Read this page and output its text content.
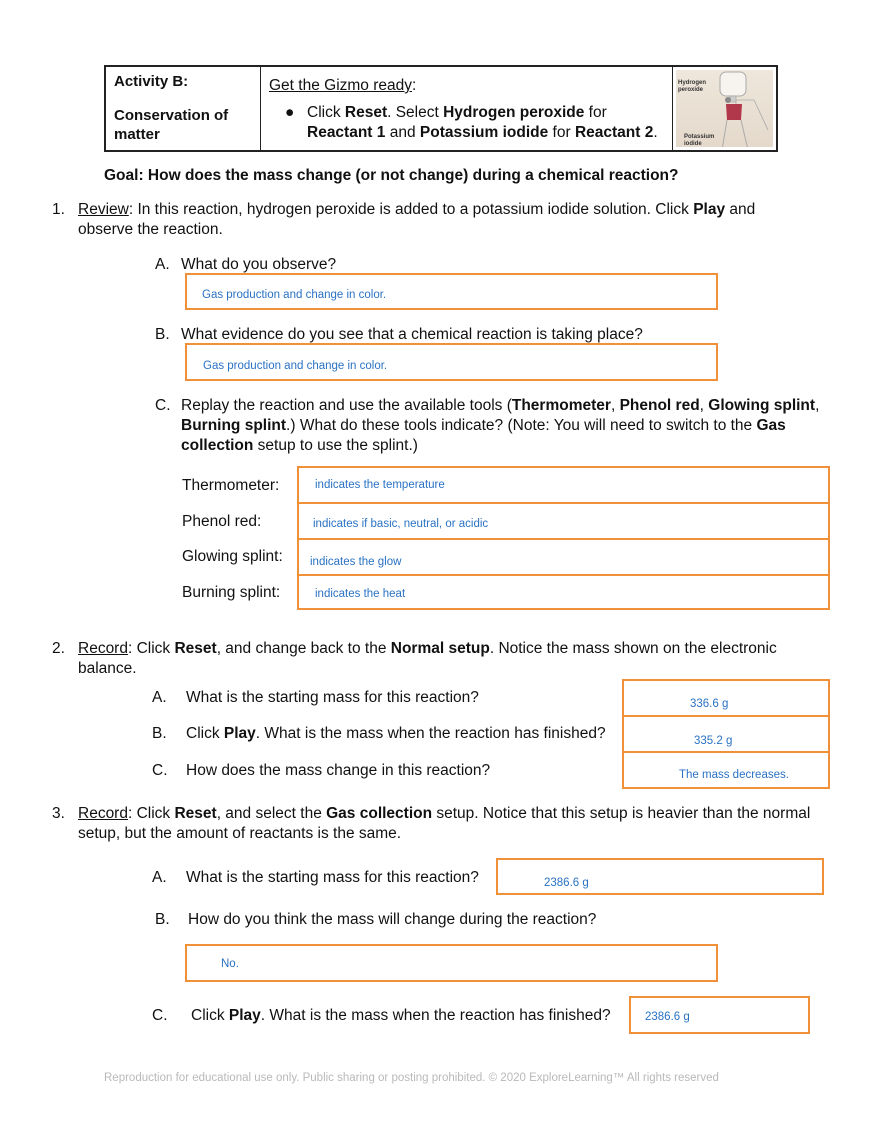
Activity B:
Conservation of matter
Get the Gizmo ready:
● Click Reset. Select Hydrogen peroxide for
Reactant 1 and Potassium iodide for Reactant 2.
Hydrogen peroxide
Potassium iodide
Goal: How does the mass change (or not change) during a chemical reaction?
1. Review: In this reaction, hydrogen peroxide is added to a potassium iodide solution. Click Play and observe the reaction.
A. What do you observe?
Gas production and change in color.
B. What evidence do you see that a chemical reaction is taking place?
Gas production and change in color.
C. Replay the reaction and use the available tools (Thermometer, Phenol red, Glowing splint, Burning splint.) What do these tools indicate? (Note: You will need to switch to the Gas collection setup to use the splint.)
Thermometer:
Phenol red:
Glowing splint:
Burning splint:
indicates the temperature
indicates if basic, neutral, or acidic
indicates the glow
indicates the heat
2. Record: Click Reset, and change back to the Normal setup. Notice the mass shown on the electronic balance.
A. What is the starting mass for this reaction?
B. Click Play. What is the mass when the reaction has finished?
C. How does the mass change in this reaction?
336.6 g
335.2 g
The mass decreases.
3. Record: Click Reset, and select the Gas collection setup. Notice that this setup is heavier than the normal setup, but the amount of reactants is the same.
A. What is the starting mass for this reaction?	2386.6 g
B. How do you think the mass will change during the reaction?
No.
C. Click Play. What is the mass when the reaction has finished?	2386.6 g
Reproduction for educational use only. Public sharing or posting prohibited. © 2020 ExploreLearning™ All rights reserved
